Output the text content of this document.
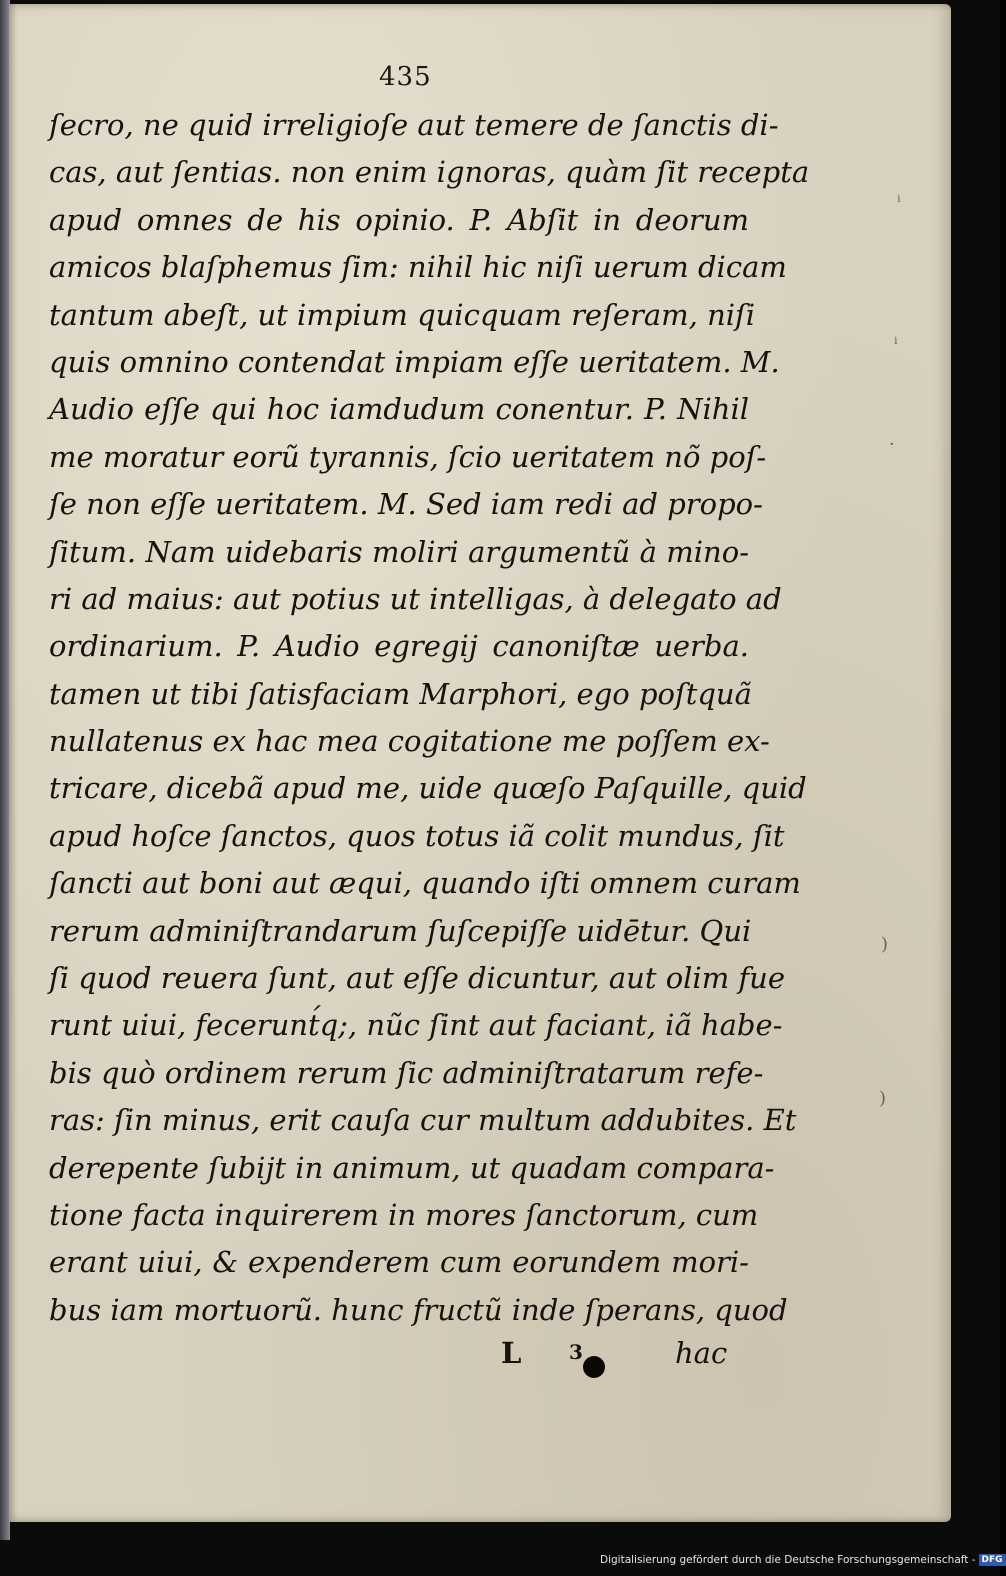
435
ⁱ
ⁱ
·
)
)
ſecro, ne quid irreligioſe aut temere de ſanctis di-
cas, aut ſentias. non enim ignoras, quàm ſit recepta
apud omnes de his opinio. P. Abſit in deorum
amicos blaſphemus ſim: nihil hic niſi uerum dicam
tantum abeſt, ut impium quicquam reſeram, niſi
quis omnino contendat impiam eſſe ueritatem. M.
Audio eſſe qui hoc iamdudum conentur. P. Nihil
me moratur eorũ tyrannis, ſcio ueritatem nõ poſ-
ſe non eſſe ueritatem. M. Sed iam redi ad propo-
ſitum. Nam uidebaris moliri argumentũ à mino-
ri ad maius: aut potius ut intelligas, à delegato ad
ordinarium. P. Audio egregij canoniſtæ uerba.
tamen ut tibi ſatisfaciam Marphori, ego poſtquã
nullatenus ex hac mea cogitatione me poſſem ex-
tricare, dicebã apud me, uide quœſo Paſquille, quid
apud hoſce ſanctos, quos totus iã colit mundus, ſit
ſancti aut boni aut æqui, quando iſti omnem curam
rerum adminiſtrandarum ſuſcepiſſe uidētur. Qui
ſi quod reuera ſunt, aut eſſe dicuntur, aut olim fue
runt uiui, fecerunt́q;, nũc ſint aut faciant, iã habe-
bis quò ordinem rerum ſic adminiſtratarum refe-
ras: ſin minus, erit cauſa cur multum addubites. Et
derepente ſubijt in animum, ut quadam compara-
tione facta inquirerem in mores ſanctorum, cum
erant uiui, & expenderem cum eorundem mori-
bus iam mortuorũ. hunc fructũ inde ſperans, quod
L 3	hac
Digitalisierung gefördert durch die Deutsche Forschungsgemeinschaft - DFG
